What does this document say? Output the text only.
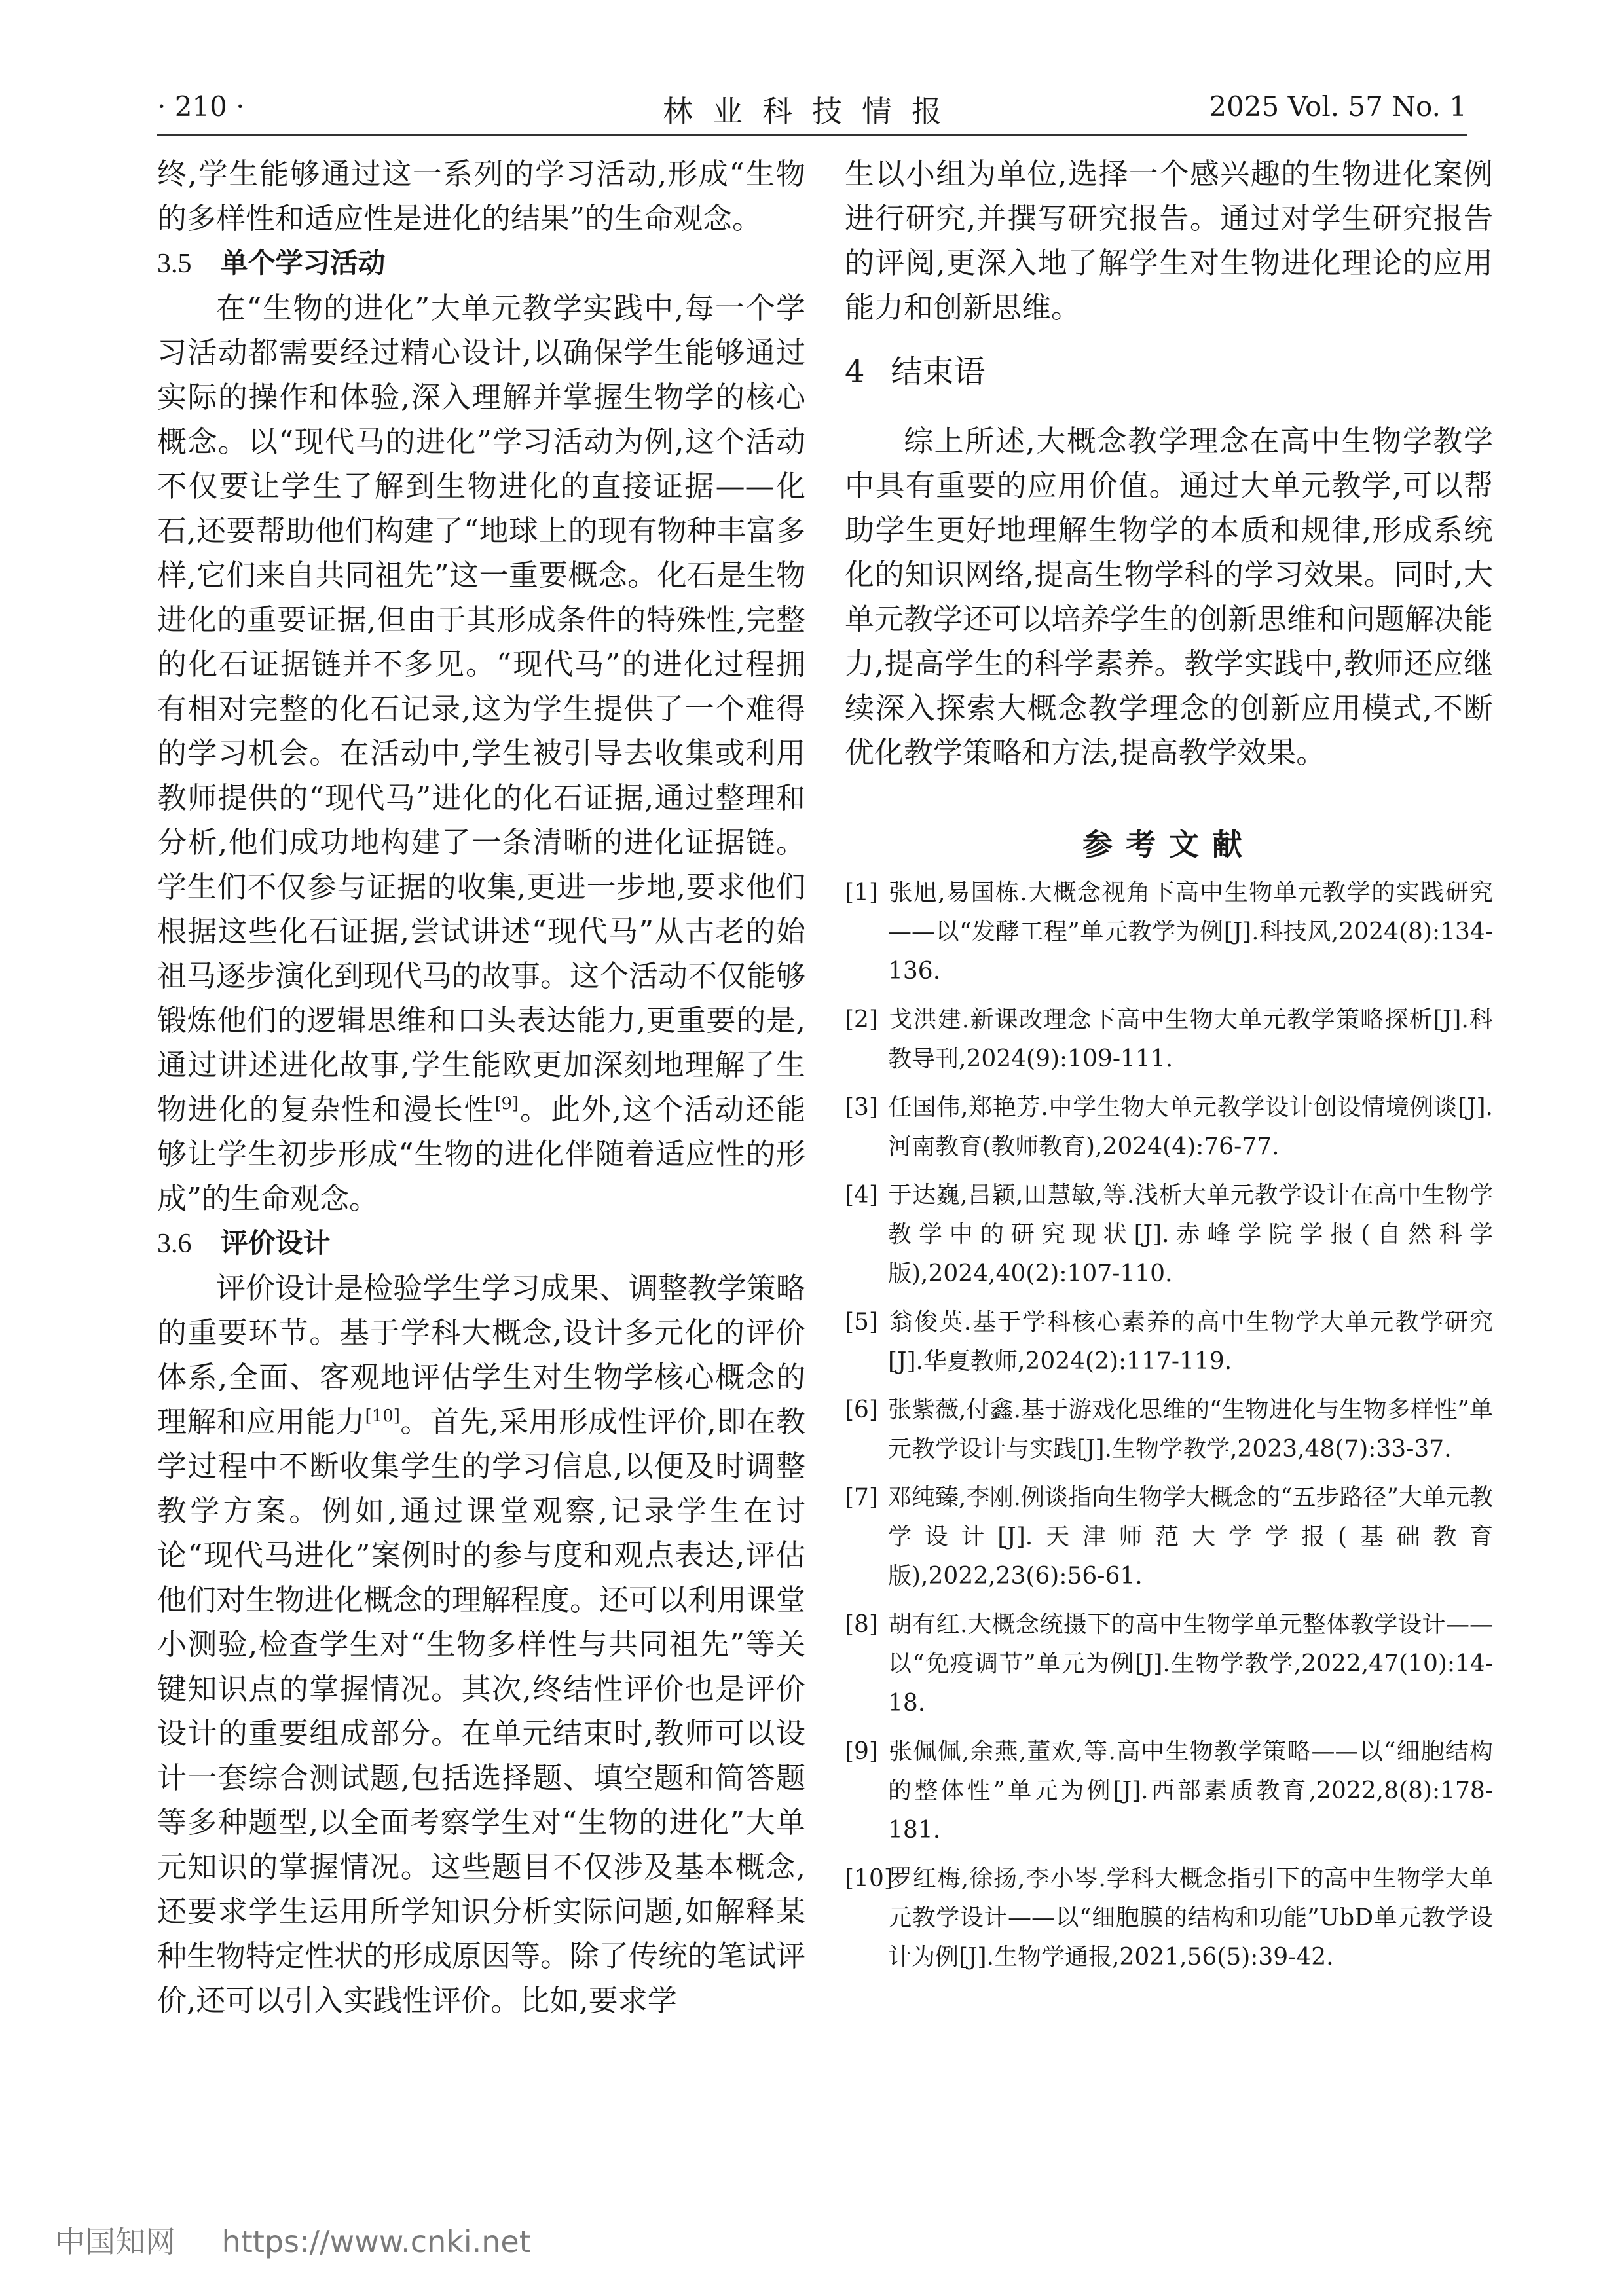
· 210 ·	林业科技情报	2025 Vol. 57 No. 1

终,学生能够通过这一系列的学习活动,形成“生物的多样性和适应性是进化的结果”的生命观念。

3.5 单个学习活动

在“生物的进化”大单元教学实践中,每一个学习活动都需要经过精心设计,以确保学生能够通过实际的操作和体验,深入理解并掌握生物学的核心概念。以“现代马的进化”学习活动为例,这个活动不仅要让学生了解到生物进化的直接证据——化石,还要帮助他们构建了“地球上的现有物种丰富多样,它们来自共同祖先”这一重要概念。化石是生物进化的重要证据,但由于其形成条件的特殊性,完整的化石证据链并不多见。“现代马”的进化过程拥有相对完整的化石记录,这为学生提供了一个难得的学习机会。在活动中,学生被引导去收集或利用教师提供的“现代马”进化的化石证据,通过整理和分析,他们成功地构建了一条清晰的进化证据链。学生们不仅参与证据的收集,更进一步地,要求他们根据这些化石证据,尝试讲述“现代马”从古老的始祖马逐步演化到现代马的故事。这个活动不仅能够锻炼他们的逻辑思维和口头表达能力,更重要的是,通过讲述进化故事,学生能欧更加深刻地理解了生物进化的复杂性和漫长性[9]。此外,这个活动还能够让学生初步形成“生物的进化伴随着适应性的形成”的生命观念。

3.6 评价设计

评价设计是检验学生学习成果、调整教学策略的重要环节。基于学科大概念,设计多元化的评价体系,全面、客观地评估学生对生物学核心概念的理解和应用能力[10]。首先,采用形成性评价,即在教学过程中不断收集学生的学习信息,以便及时调整教学方案。例如,通过课堂观察,记录学生在讨论“现代马进化”案例时的参与度和观点表达,评估他们对生物进化概念的理解程度。还可以利用课堂小测验,检查学生对“生物多样性与共同祖先”等关键知识点的掌握情况。其次,终结性评价也是评价设计的重要组成部分。在单元结束时,教师可以设计一套综合测试题,包括选择题、填空题和简答题等多种题型,以全面考察学生对“生物的进化”大单元知识的掌握情况。这些题目不仅涉及基本概念,还要求学生运用所学知识分析实际问题,如解释某种生物特定性状的形成原因等。除了传统的笔试评价,还可以引入实践性评价。比如,要求学

生以小组为单位,选择一个感兴趣的生物进化案例进行研究,并撰写研究报告。通过对学生研究报告的评阅,更深入地了解学生对生物进化理论的应用能力和创新思维。

4 结束语

综上所述,大概念教学理念在高中生物学教学中具有重要的应用价值。通过大单元教学,可以帮助学生更好地理解生物学的本质和规律,形成系统化的知识网络,提高生物学科的学习效果。同时,大单元教学还可以培养学生的创新思维和问题解决能力,提高学生的科学素养。教学实践中,教师还应继续深入探索大概念教学理念的创新应用模式,不断优化教学策略和方法,提高教学效果。

参考文献

[1] 张旭,易国栋.大概念视角下高中生物单元教学的实践研究——以“发酵工程”单元教学为例[J].科技风,2024(8):134-136.

[2] 戈洪建.新课改理念下高中生物大单元教学策略探析[J].科教导刊,2024(9):109-111.

[3] 任国伟,郑艳芳.中学生物大单元教学设计创设情境例谈[J].河南教育(教师教育),2024(4):76-77.

[4] 于达巍,吕颖,田慧敏,等.浅析大单元教学设计在高中生物学教学中的研究现状[J].赤峰学院学报(自然科学版),2024,40(2):107-110.

[5] 翁俊英.基于学科核心素养的高中生物学大单元教学研究[J].华夏教师,2024(2):117-119.

[6] 张紫薇,付鑫.基于游戏化思维的“生物进化与生物多样性”单元教学设计与实践[J].生物学教学,2023,48(7):33-37.

[7] 邓纯臻,李刚.例谈指向生物学大概念的“五步路径”大单元教学设计[J].天津师范大学学报(基础教育版),2022,23(6):56-61.

[8] 胡有红.大概念统摄下的高中生物学单元整体教学设计——以“免疫调节”单元为例[J].生物学教学,2022,47(10):14-18.

[9] 张佩佩,余燕,董欢,等.高中生物教学策略——以“细胞结构的整体性”单元为例[J].西部素质教育,2022,8(8):178-181.

[10]罗红梅,徐扬,李小岑.学科大概念指引下的高中生物学大单元教学设计——以“细胞膜的结构和功能”UbD单元教学设计为例[J].生物学通报,2021,56(5):39-42.

中国知网 https://www.cnki.net
